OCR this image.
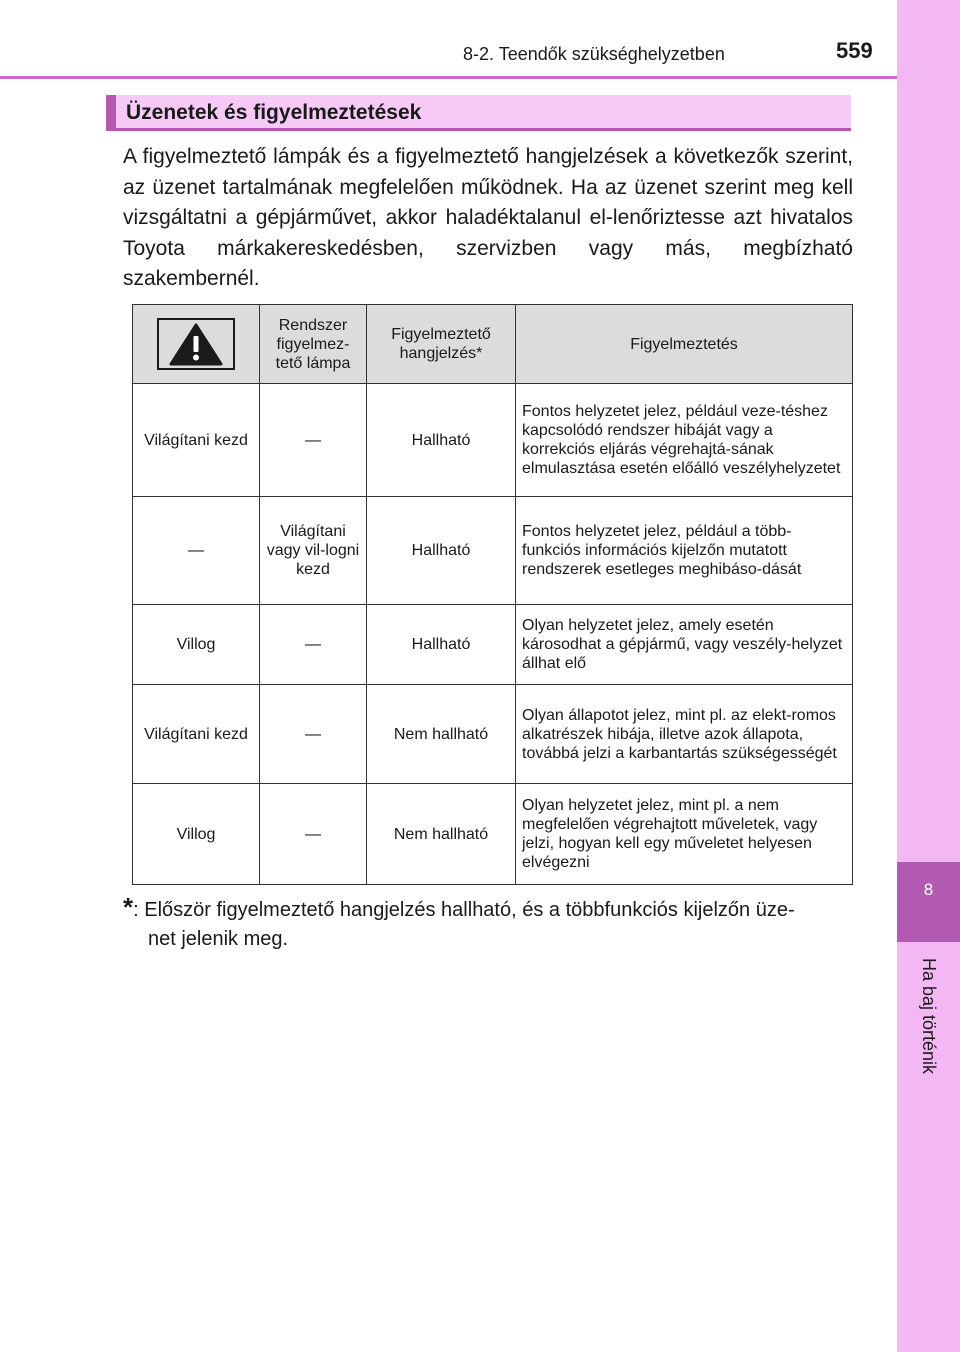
8
Ha baj történik
8-2. Teendők szükséghelyzetben	559
Üzenetek és figyelmeztetések
A figyelmeztető lámpák és a figyelmeztető hangjelzések a következők szerint, az üzenet tartalmának megfelelően működnek. Ha az üzenet szerint meg kell vizsgáltatni a gépjárművet, akkor haladéktalanul el-lenőriztesse azt hivatalos Toyota márkakereskedésben, szervizben vagy más, megbízható szakembernél.
	Rendszer figyelmez-tető lámpa	Figyelmeztető hangjelzés*	Figyelmeztetés
Világítani kezd	—	Hallható	Fontos helyzetet jelez, például veze-téshez kapcsolódó rendszer hibáját vagy a korrekciós eljárás végrehajtá-sának elmulasztása esetén előálló veszélyhelyzetet
—	Világítani vagy vil-logni kezd	Hallható	Fontos helyzetet jelez, például a több-funkciós információs kijelzőn mutatott rendszerek esetleges meghibáso-dását
Villog	—	Hallható	Olyan helyzetet jelez, amely esetén károsodhat a gépjármű, vagy veszély-helyzet állhat elő
Világítani kezd	—	Nem hallható	Olyan állapotot jelez, mint pl. az elekt-romos alkatrészek hibája, illetve azok állapota, továbbá jelzi a karbantartás szükségességét
Villog	—	Nem hallható	Olyan helyzetet jelez, mint pl. a nem megfelelően végrehajtott műveletek, vagy jelzi, hogyan kell egy műveletet helyesen elvégezni
*: Először figyelmeztető hangjelzés hallható, és a többfunkciós kijelzőn üze-
net jelenik meg.
